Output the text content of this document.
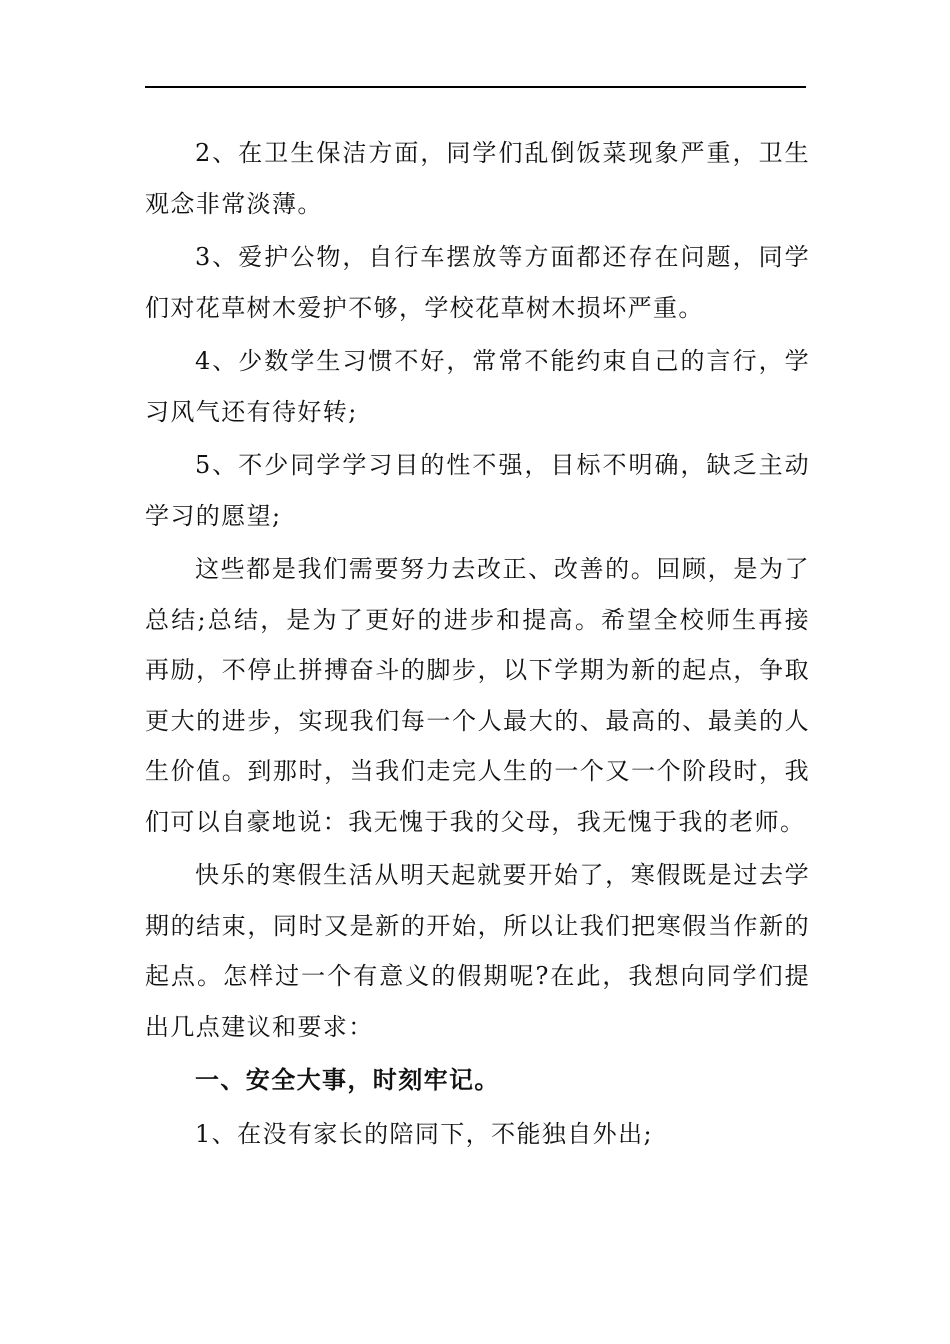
2、在卫生保洁方面，同学们乱倒饭菜现象严重，卫生观念非常淡薄。

3、爱护公物，自行车摆放等方面都还存在问题，同学们对花草树木爱护不够，学校花草树木损坏严重。

4、少数学生习惯不好，常常不能约束自己的言行，学习风气还有待好转;

5、不少同学学习目的性不强，目标不明确，缺乏主动学习的愿望;

这些都是我们需要努力去改正、改善的。回顾，是为了总结;总结，是为了更好的进步和提高。希望全校师生再接再励，不停止拼搏奋斗的脚步，以下学期为新的起点，争取更大的进步，实现我们每一个人最大的、最高的、最美的人生价值。到那时，当我们走完人生的一个又一个阶段时，我们可以自豪地说：我无愧于我的父母，我无愧于我的老师。

快乐的寒假生活从明天起就要开始了，寒假既是过去学期的结束，同时又是新的开始，所以让我们把寒假当作新的起点。怎样过一个有意义的假期呢?在此，我想向同学们提出几点建议和要求：

一、安全大事，时刻牢记。

1、在没有家长的陪同下，不能独自外出;
